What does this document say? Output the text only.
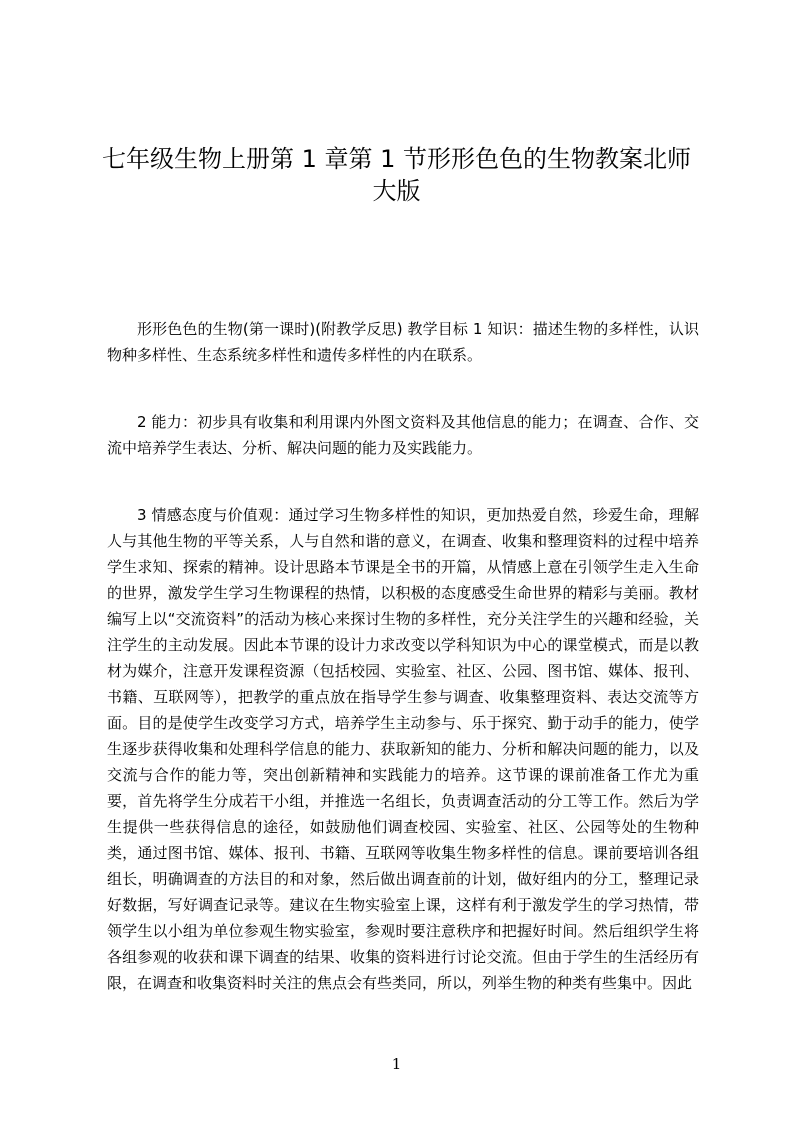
七年级生物上册第 1 章第 1 节形形色色的生物教案北师大版

形形色色的生物(第一课时)(附教学反思) 教学目标 1 知识：描述生物的多样性，认识物种多样性、生态系统多样性和遗传多样性的内在联系。

2 能力：初步具有收集和利用课内外图文资料及其他信息的能力；在调查、合作、交流中培养学生表达、分析、解决问题的能力及实践能力。

3 情感态度与价值观：通过学习生物多样性的知识，更加热爱自然，珍爱生命，理解人与其他生物的平等关系，人与自然和谐的意义，在调查、收集和整理资料的过程中培养学生求知、探索的精神。设计思路本节课是全书的开篇，从情感上意在引领学生走入生命的世界，激发学生学习生物课程的热情，以积极的态度感受生命世界的精彩与美丽。教材编写上以“交流资料”的活动为核心来探讨生物的多样性，充分关注学生的兴趣和经验，关注学生的主动发展。因此本节课的设计力求改变以学科知识为中心的课堂模式，而是以教材为媒介，注意开发课程资源（包括校园、实验室、社区、公园、图书馆、媒体、报刊、书籍、互联网等），把教学的重点放在指导学生参与调查、收集整理资料、表达交流等方面。目的是使学生改变学习方式，培养学生主动参与、乐于探究、勤于动手的能力，使学生逐步获得收集和处理科学信息的能力、获取新知的能力、分析和解决问题的能力，以及交流与合作的能力等，突出创新精神和实践能力的培养。这节课的课前准备工作尤为重要，首先将学生分成若干小组，并推选一名组长，负责调查活动的分工等工作。然后为学生提供一些获得信息的途径，如鼓励他们调查校园、实验室、社区、公园等处的生物种类，通过图书馆、媒体、报刊、书籍、互联网等收集生物多样性的信息。课前要培训各组组长，明确调查的方法目的和对象，然后做出调查前的计划，做好组内的分工，整理记录好数据，写好调查记录等。建议在生物实验室上课，这样有利于激发学生的学习热情，带领学生以小组为单位参观生物实验室，参观时要注意秩序和把握好时间。然后组织学生将各组参观的收获和课下调查的结果、收集的资料进行讨论交流。但由于学生的生活经历有限，在调查和收集资料时关注的焦点会有些类同，所以，列举生物的种类有些集中。因此

1
